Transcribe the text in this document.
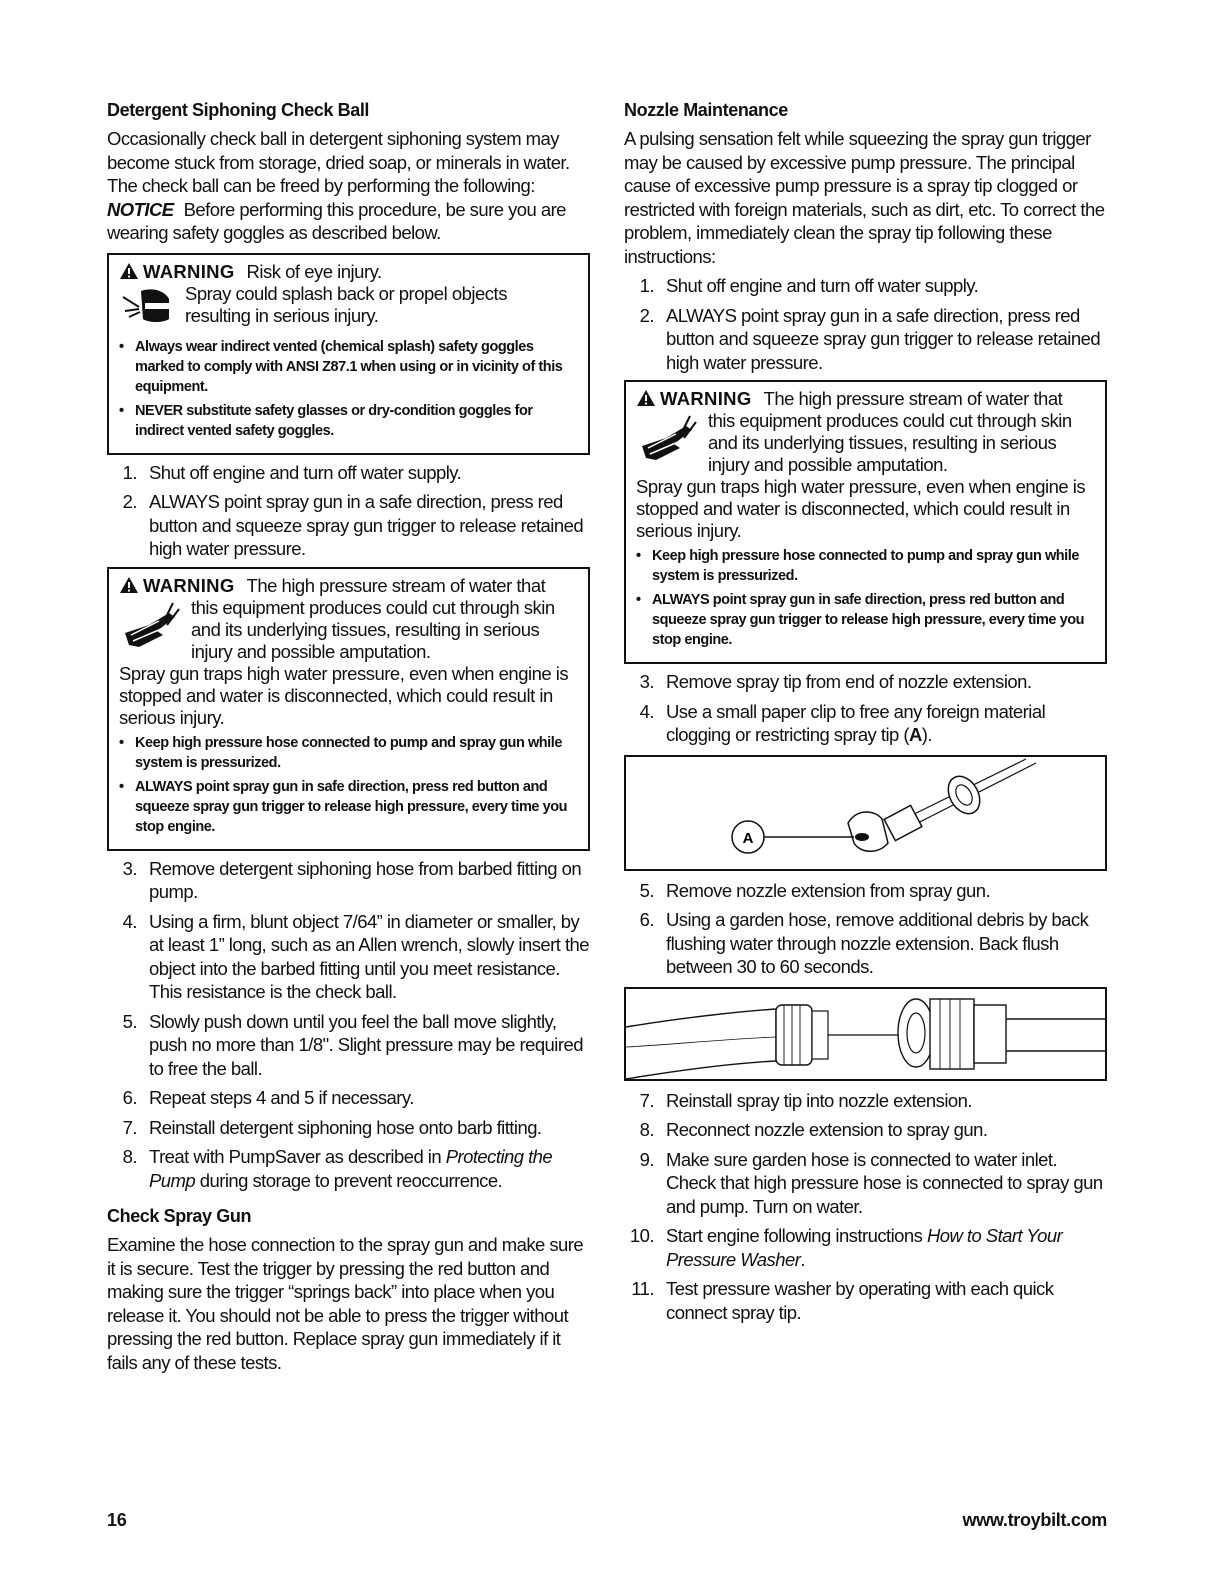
Detergent Siphoning Check Ball

Occasionally check ball in detergent siphoning system may become stuck from storage, dried soap, or minerals in water. The check ball can be freed by performing the following:

NOTICE Before performing this procedure, be sure you are wearing safety goggles as described below.

WARNING Risk of eye injury.
Spray could splash back or propel objects resulting in serious injury.
• Always wear indirect vented (chemical splash) safety goggles marked to comply with ANSI Z87.1 when using or in vicinity of this equipment.
• NEVER substitute safety glasses or dry-condition goggles for indirect vented safety goggles.
1. Shut off engine and turn off water supply.
2. ALWAYS point spray gun in a safe direction, press red button and squeeze spray gun trigger to release retained high water pressure.
WARNING The high pressure stream of water that
this equipment produces could cut through skin and its underlying tissues, resulting in serious injury and possible amputation.
Spray gun traps high water pressure, even when engine is stopped and water is disconnected, which could result in serious injury.
• Keep high pressure hose connected to pump and spray gun while system is pressurized.
• ALWAYS point spray gun in safe direction, press red button and squeeze spray gun trigger to release high pressure, every time you stop engine.
3. Remove detergent siphoning hose from barbed fitting on pump.
4. Using a firm, blunt object 7/64” in diameter or smaller, by at least 1” long, such as an Allen wrench, slowly insert the object into the barbed fitting until you meet resistance. This resistance is the check ball.
5. Slowly push down until you feel the ball move slightly, push no more than 1/8". Slight pressure may be required to free the ball.
6. Repeat steps 4 and 5 if necessary.
7. Reinstall detergent siphoning hose onto barb fitting.
8. Treat with PumpSaver as described in Protecting the Pump during storage to prevent reoccurrence.
Check Spray Gun

Examine the hose connection to the spray gun and make sure it is secure. Test the trigger by pressing the red button and making sure the trigger “springs back” into place when you release it. You should not be able to press the trigger without pressing the red button. Replace spray gun immediately if it fails any of these tests.

Nozzle Maintenance

A pulsing sensation felt while squeezing the spray gun trigger may be caused by excessive pump pressure. The principal cause of excessive pump pressure is a spray tip clogged or restricted with foreign materials, such as dirt, etc. To correct the problem, immediately clean the spray tip following these instructions:

1. Shut off engine and turn off water supply.
2. ALWAYS point spray gun in a safe direction, press red button and squeeze spray gun trigger to release retained high water pressure.
WARNING The high pressure stream of water that
this equipment produces could cut through skin and its underlying tissues, resulting in serious injury and possible amputation.
Spray gun traps high water pressure, even when engine is stopped and water is disconnected, which could result in serious injury.
• Keep high pressure hose connected to pump and spray gun while system is pressurized.
• ALWAYS point spray gun in safe direction, press red button and squeeze spray gun trigger to release high pressure, every time you stop engine.
3. Remove spray tip from end of nozzle extension.
4. Use a small paper clip to free any foreign material clogging or restricting spray tip (A).
A
5. Remove nozzle extension from spray gun.
6. Using a garden hose, remove additional debris by back flushing water through nozzle extension. Back flush between 30 to 60 seconds.
7. Reinstall spray tip into nozzle extension.
8. Reconnect nozzle extension to spray gun.
9. Make sure garden hose is connected to water inlet. Check that high pressure hose is connected to spray gun and pump. Turn on water.
10. Start engine following instructions How to Start Your Pressure Washer.
11. Test pressure washer by operating with each quick connect spray tip.
16	www.troybilt.com
